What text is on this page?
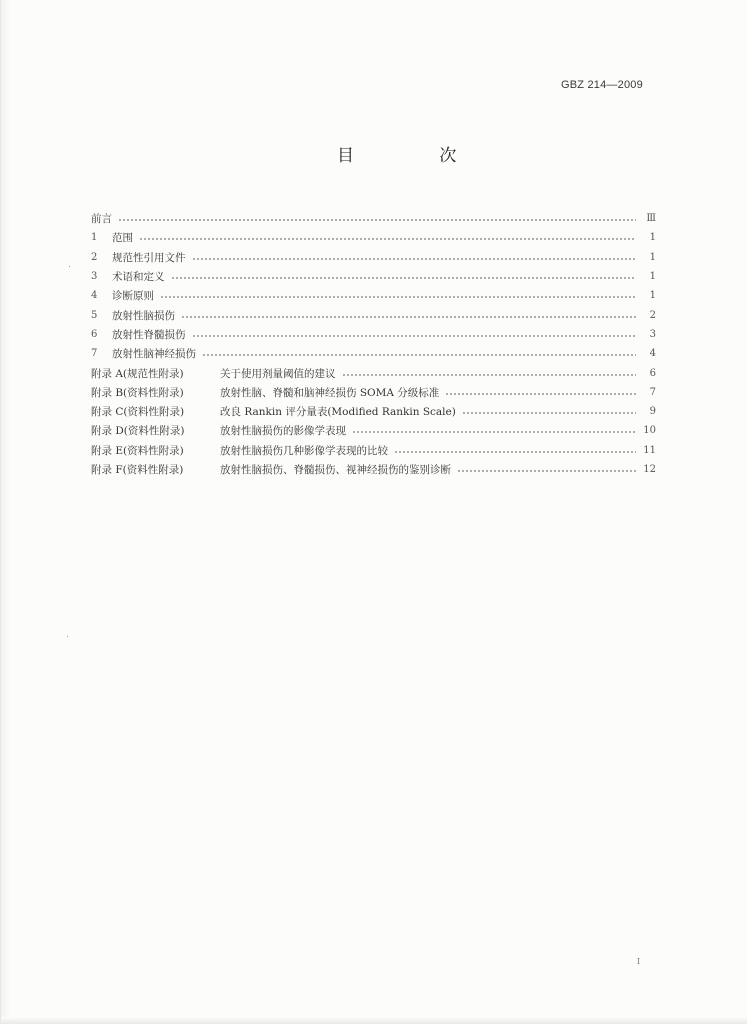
GBZ 214—2009
目 次
前言	Ⅲ
1	范围	1
2	规范性引用文件	1
3	术语和定义	1
4	诊断原则	1
5	放射性脑损伤	2
6	放射性脊髓损伤	3
7	放射性脑神经损伤	4
附录 A(规范性附录)	关于使用剂量阈值的建议	6
附录 B(资料性附录)	放射性脑、脊髓和脑神经损伤 SOMA 分级标准	7
附录 C(资料性附录)	改良 Rankin 评分量表(Modified Rankin Scale)	9
附录 D(资料性附录)	放射性脑损伤的影像学表现	10
附录 E(资料性附录)	放射性脑损伤几种影像学表现的比较	11
附录 F(资料性附录)	放射性脑损伤、脊髓损伤、视神经损伤的鉴别诊断	12
I
